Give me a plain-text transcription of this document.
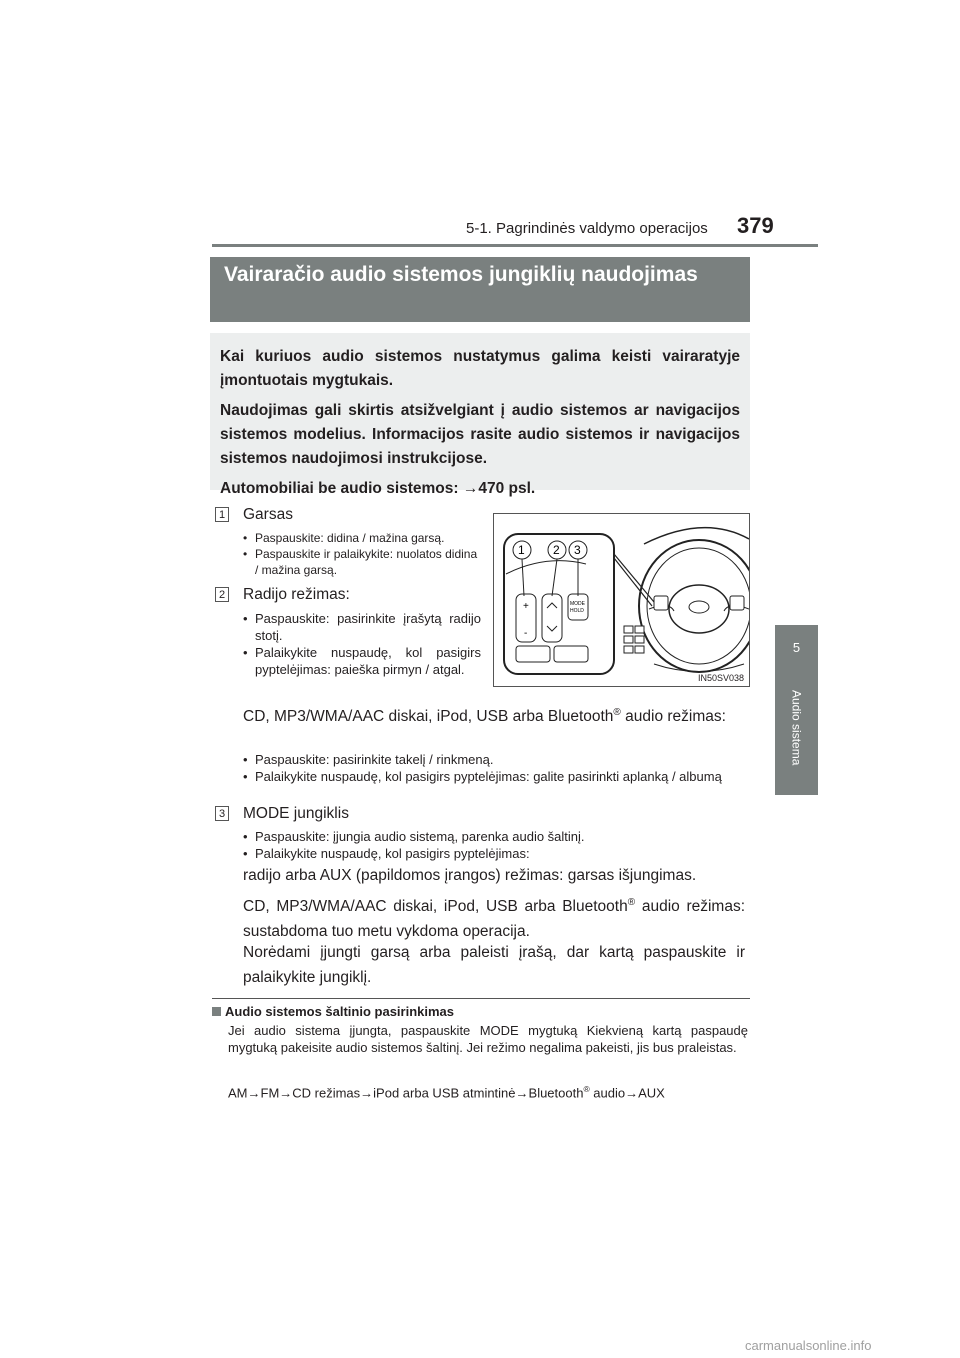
5-1. Pagrindinės valdymo operacijos 379
5
Audio sistema
Vairaračio audio sistemos jungiklių naudojimas

Kai kuriuos audio sistemos nustatymus galima keisti vairaratyje įmontuotais mygtukais.

Naudojimas gali skirtis atsižvelgiant į audio sistemos ar navigacijos sistemos modelius. Informacijos rasite audio sistemos ir navigacijos sistemos naudojimosi instrukcijose.

Automobiliai be audio sistemos: →470 psl.

1 Garsas
• Paspauskite: didina / mažina garsą.
• Paspauskite ir palaikykite: nuolatos didina / mažina garsą.
2 Radijo režimas:
• Paspauskite: pasirinkite įrašytą radijo stotį.
• Palaikykite nuspaudę, kol pasigirs pyptelėjimas: paieška pirmyn / atgal.
CD, MP3/WMA/AAC diskai, iPod, USB arba Bluetooth® audio režimas:
• Paspauskite: pasirinkite takelį / rinkmeną.
• Palaikykite nuspaudę, kol pasigirs pyptelėjimas: galite pasirinkti aplanką / albumą
3 MODE jungiklis
• Paspauskite: įjungia audio sistemą, parenka audio šaltinį.
• Palaikykite nuspaudę, kol pasigirs pyptelėjimas:
radijo arba AUX (papildomos įrangos) režimas: garsas išjungimas.
CD, MP3/WMA/AAC diskai, iPod, USB arba Bluetooth® audio režimas: sustabdoma tuo metu vykdoma operacija.
Norėdami įjungti garsą arba paleisti įrašą, dar kartą paspauskite ir palaikykite jungiklį.
+
-
MODE
HOLD
1 2 3
IN50SV038
Audio sistemos šaltinio pasirinkimas
Jei audio sistema įjungta, paspauskite MODE mygtuką Kiekvieną kartą paspaudę mygtuką pakeisite audio sistemos šaltinį. Jei režimo negalima pakeisti, jis bus praleistas.
AM→FM→CD režimas→iPod arba USB atmintinė→Bluetooth® audio→AUX
carmanualsonline.info
